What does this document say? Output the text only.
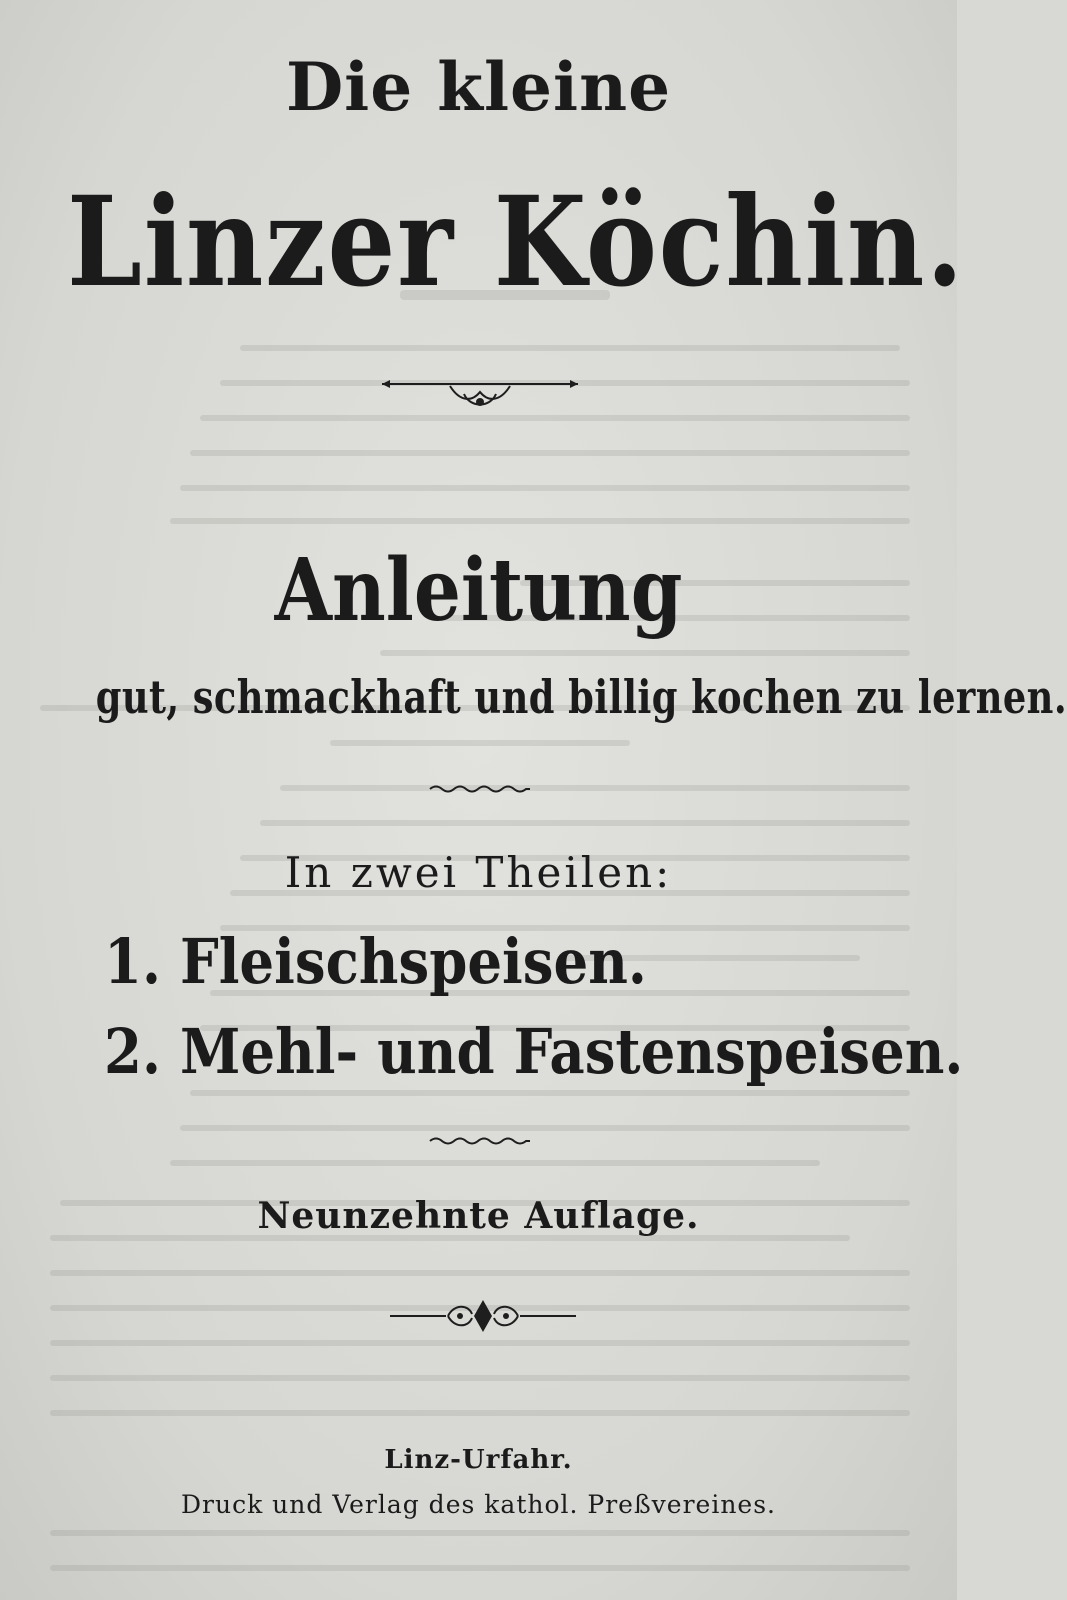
Die kleine
Linzer Köchin.
Anleitung
gut, schmackhaft und billig kochen zu lernen.
In zwei Theilen:
1. Fleischspeisen.
2. Mehl- und Fastenspeisen.
Neunzehnte Auflage.
Linz-Urfahr.
Druck und Verlag des kathol. Preßvereines.
